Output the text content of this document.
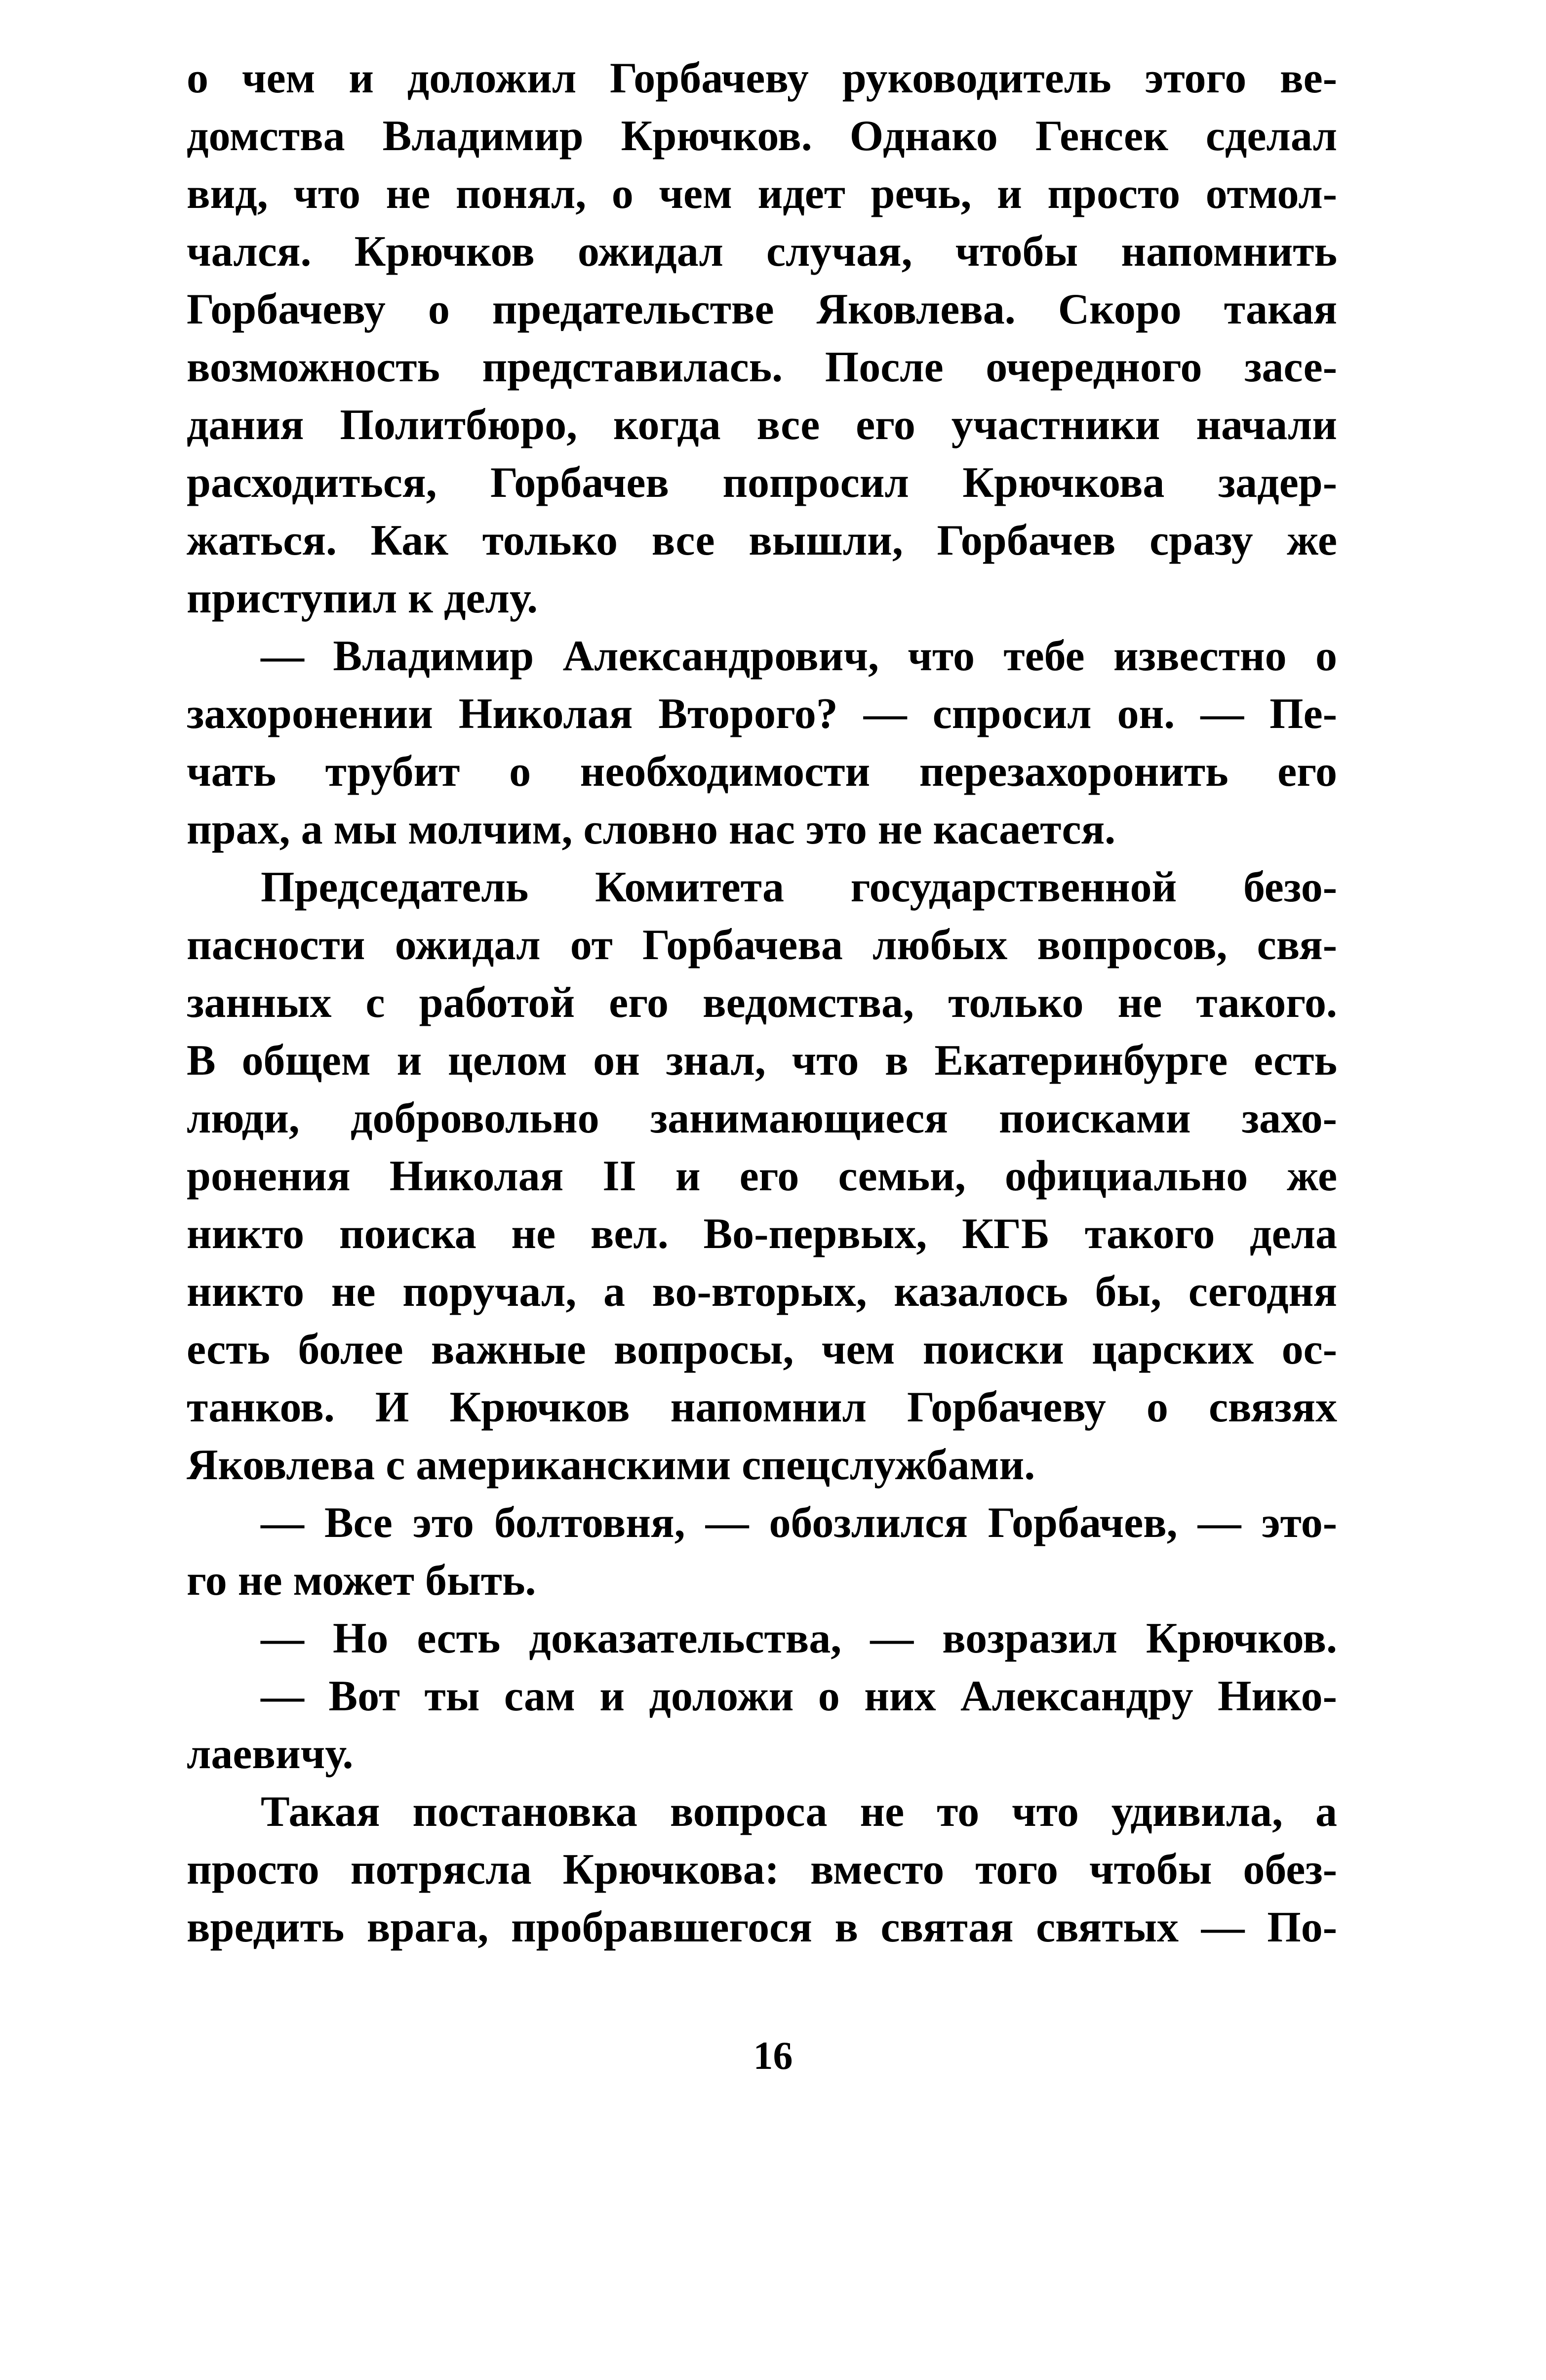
о чем и доложил Горбачеву руководитель этого ве-
домства Владимир Крючков. Однако Генсек сделал
вид, что не понял, о чем идет речь, и просто отмол-
чался. Крючков ожидал случая, чтобы напомнить
Горбачеву о предательстве Яковлева. Скоро такая
возможность представилась. После очередного засе-
дания Политбюро, когда все его участники начали
расходиться, Горбачев попросил Крючкова задер-
жаться. Как только все вышли, Горбачев сразу же
приступил к делу.
— Владимир Александрович, что тебе известно о
захоронении Николая Второго? — спросил он. — Пе-
чать трубит о необходимости перезахоронить его
прах, а мы молчим, словно нас это не касается.
Председатель Комитета государственной безо-
пасности ожидал от Горбачева любых вопросов, свя-
занных с работой его ведомства, только не такого.
В общем и целом он знал, что в Екатеринбурге есть
люди, добровольно занимающиеся поисками захо-
ронения Николая II и его семьи, официально же
никто поиска не вел. Во-первых, КГБ такого дела
никто не поручал, а во-вторых, казалось бы, сегодня
есть более важные вопросы, чем поиски царских ос-
танков. И Крючков напомнил Горбачеву о связях
Яковлева с американскими спецслужбами.
— Все это болтовня, — обозлился Горбачев, — это-
го не может быть.
— Но есть доказательства, — возразил Крючков.
— Вот ты сам и доложи о них Александру Нико-
лаевичу.
Такая постановка вопроса не то что удивила, а
просто потрясла Крючкова: вместо того чтобы обез-
вредить врага, пробравшегося в святая святых — По-
16
